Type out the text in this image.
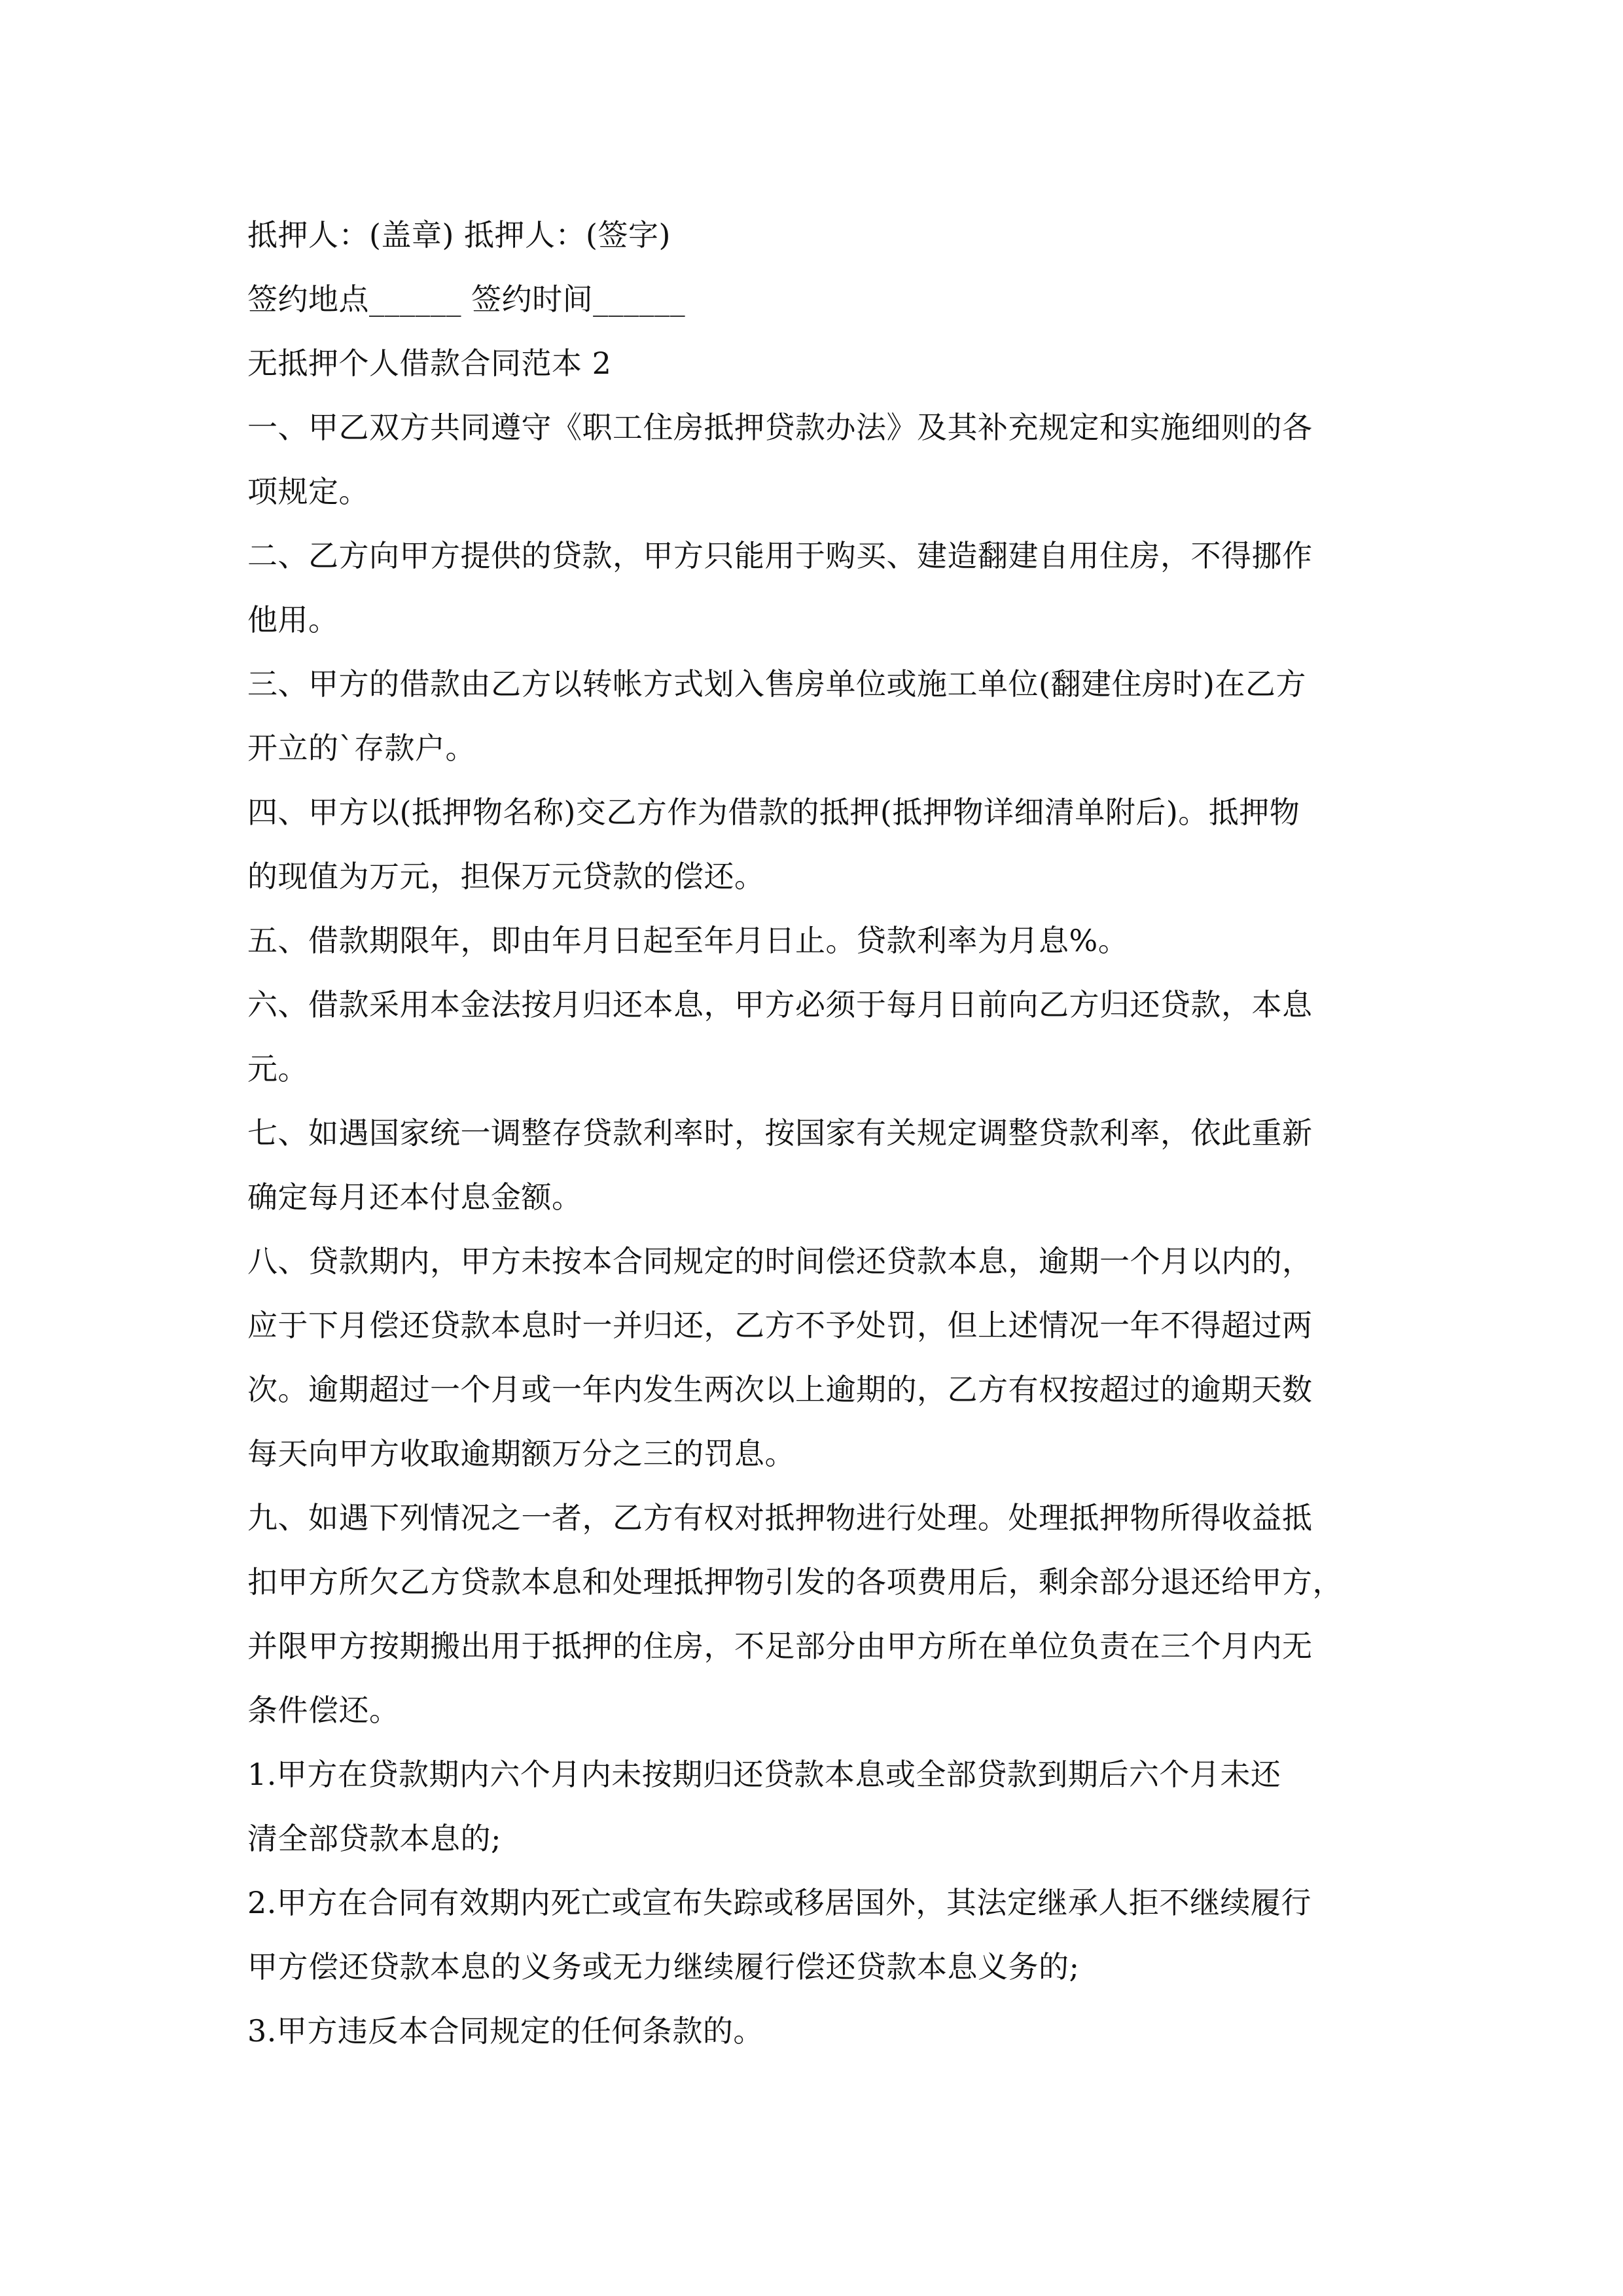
抵押人：(盖章) 抵押人：(签字)
签约地点______ 签约时间______
无抵押个人借款合同范本 2
一、甲乙双方共同遵守《职工住房抵押贷款办法》及其补充规定和实施细则的各
项规定。
二、乙方向甲方提供的贷款，甲方只能用于购买、建造翻建自用住房，不得挪作
他用。
三、甲方的借款由乙方以转帐方式划入售房单位或施工单位(翻建住房时)在乙方
开立的`存款户。
四、甲方以(抵押物名称)交乙方作为借款的抵押(抵押物详细清单附后)。抵押物
的现值为万元，担保万元贷款的偿还。
五、借款期限年，即由年月日起至年月日止。贷款利率为月息%。
六、借款采用本金法按月归还本息，甲方必须于每月日前向乙方归还贷款，本息
元。
七、如遇国家统一调整存贷款利率时，按国家有关规定调整贷款利率，依此重新
确定每月还本付息金额。
八、贷款期内，甲方未按本合同规定的时间偿还贷款本息，逾期一个月以内的，
应于下月偿还贷款本息时一并归还，乙方不予处罚，但上述情况一年不得超过两
次。逾期超过一个月或一年内发生两次以上逾期的，乙方有权按超过的逾期天数
每天向甲方收取逾期额万分之三的罚息。
九、如遇下列情况之一者，乙方有权对抵押物进行处理。处理抵押物所得收益抵
扣甲方所欠乙方贷款本息和处理抵押物引发的各项费用后，剩余部分退还给甲方，
并限甲方按期搬出用于抵押的住房，不足部分由甲方所在单位负责在三个月内无
条件偿还。
1.甲方在贷款期内六个月内未按期归还贷款本息或全部贷款到期后六个月未还
清全部贷款本息的;
2.甲方在合同有效期内死亡或宣布失踪或移居国外，其法定继承人拒不继续履行
甲方偿还贷款本息的义务或无力继续履行偿还贷款本息义务的;
3.甲方违反本合同规定的任何条款的。
